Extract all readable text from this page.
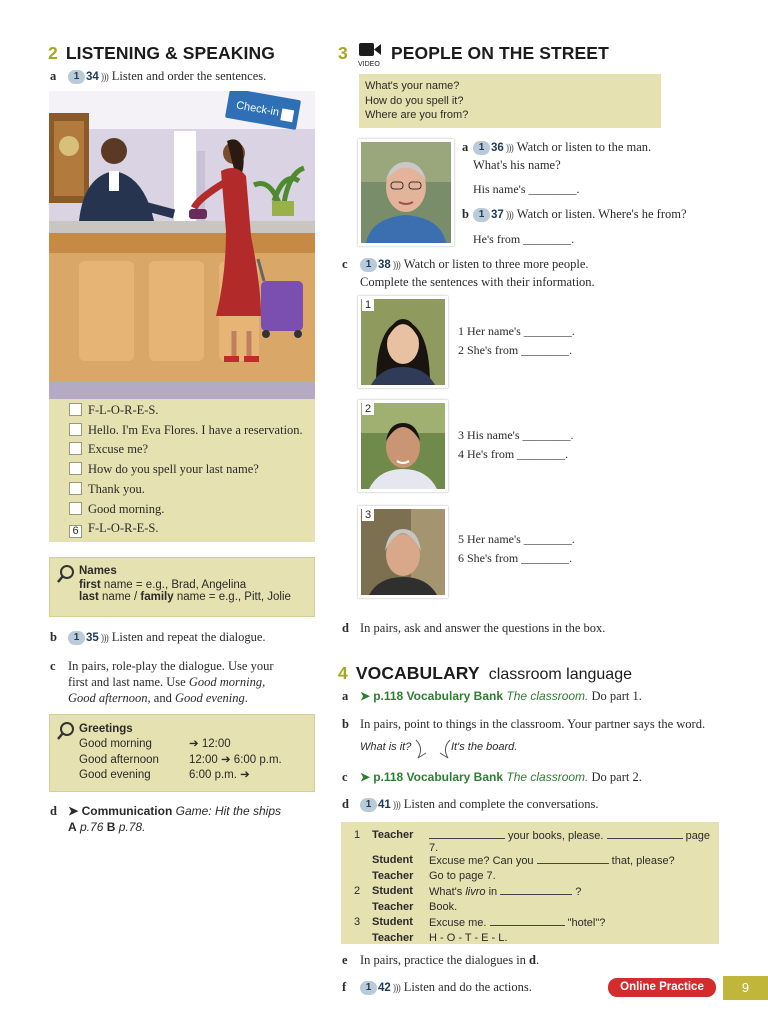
2 LISTENING & SPEAKING
a 1 34 ))) Listen and order the sentences.
Check-in
F-L-O-R-E-S.
Hello. I'm Eva Flores. I have a reservation.
Excuse me?
How do you spell your last name?
Thank you.
Good morning.
6 F-L-O-R-E-S.
Names
first name = e.g., Brad, Angelina
last name / family name = e.g., Pitt, Jolie
b 1 35 ))) Listen and repeat the dialogue.
c In pairs, role-play the dialogue. Use your
first and last name. Use Good morning,
Good afternoon, and Good evening.
Greetings
Good morning	➔ 12:00
Good afternoon	12:00 ➔ 6:00 p.m.
Good evening	6:00 p.m. ➔
d ➤ Communication Game: Hit the ships
A p.76 B p.78.
3
VIDEO
PEOPLE ON THE STREET
What's your name?
How do you spell it?
Where are you from?
a 1 36 ))) Watch or listen to the man.
What's his name?
His name's ________.
b 1 37 ))) Watch or listen. Where's he from?
He's from ________.
c 1 38 ))) Watch or listen to three more people.
Complete the sentences with their information.
1
1 Her name's ________.
2 She's from ________.
2
3 His name's ________.
4 He's from ________.
3
5 Her name's ________.
6 She's from ________.
d In pairs, ask and answer the questions in the box.
4 VOCABULARY classroom language
a ➤ p.118 Vocabulary Bank The classroom. Do part 1.
b In pairs, point to things in the classroom. Your partner says the word.
What is it?	It's the board.
c ➤ p.118 Vocabulary Bank The classroom. Do part 2.
d 1 41 ))) Listen and complete the conversations.
1	Teacher	your books, please. page 7.
	Student	Excuse me? Can you that, please?
	Teacher	Go to page 7.
2	Student	What's livro in ?
	Teacher	Book.
3	Student	Excuse me. "hotel"?
	Teacher	H - O - T - E - L.
e In pairs, practice the dialogues in d.
f 1 42 ))) Listen and do the actions.	Online Practice	9
